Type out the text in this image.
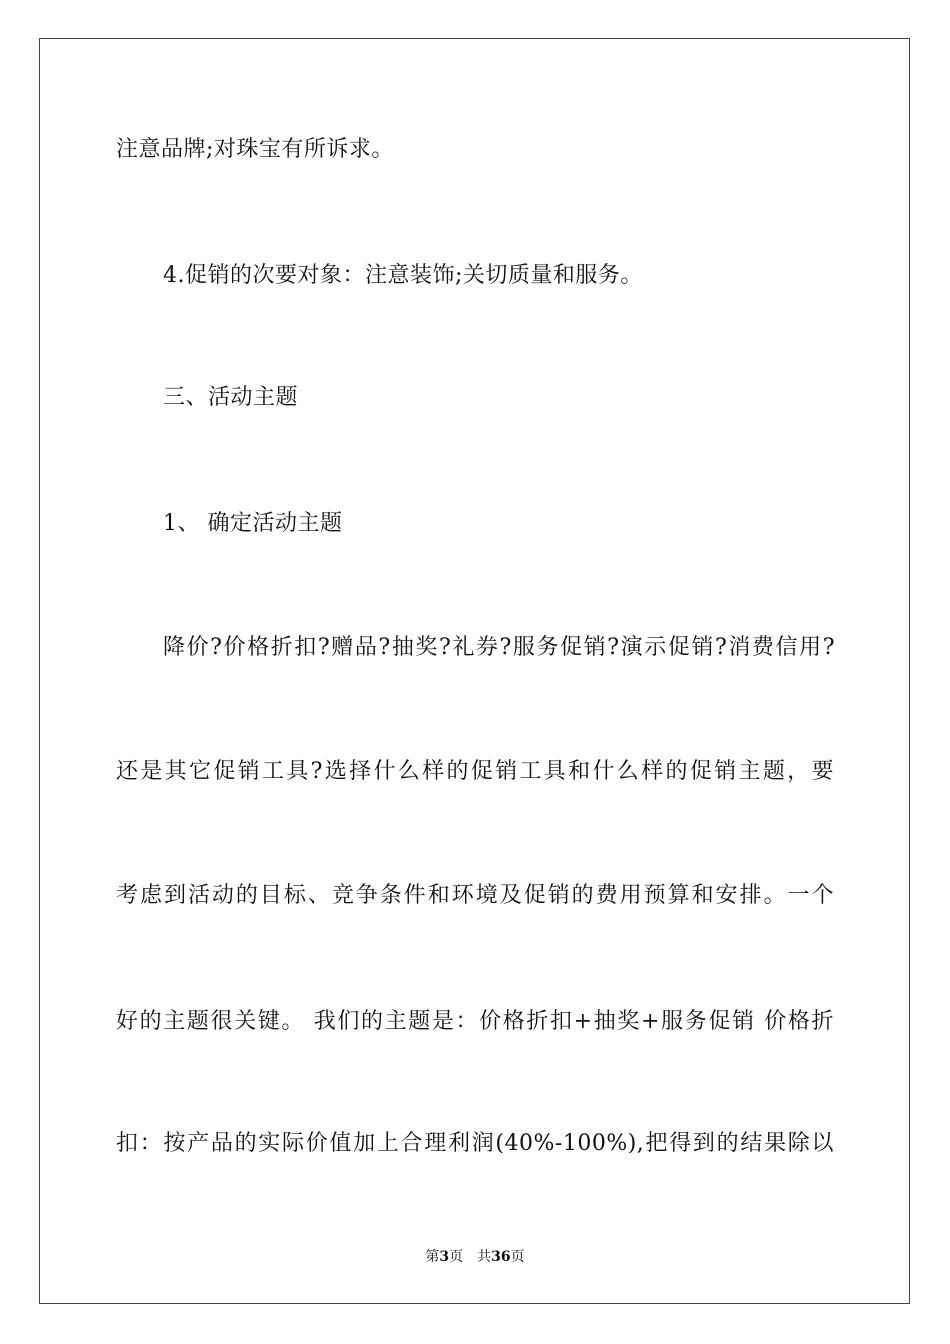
注意品牌;对珠宝有所诉求。
4.促销的次要对象：注意装饰;关切质量和服务。
三、活动主题
1、 确定活动主题
降价?价格折扣?赠品?抽奖?礼券?服务促销?演示促销?消费信用?
还是其它促销工具?选择什么样的促销工具和什么样的促销主题，要
考虑到活动的目标、竞争条件和环境及促销的费用预算和安排。一个
好的主题很关键。 我们的主题是：价格折扣+抽奖+服务促销 价格折
扣：按产品的实际价值加上合理利润(40%-100%),把得到的结果除以
第3页 共36页
